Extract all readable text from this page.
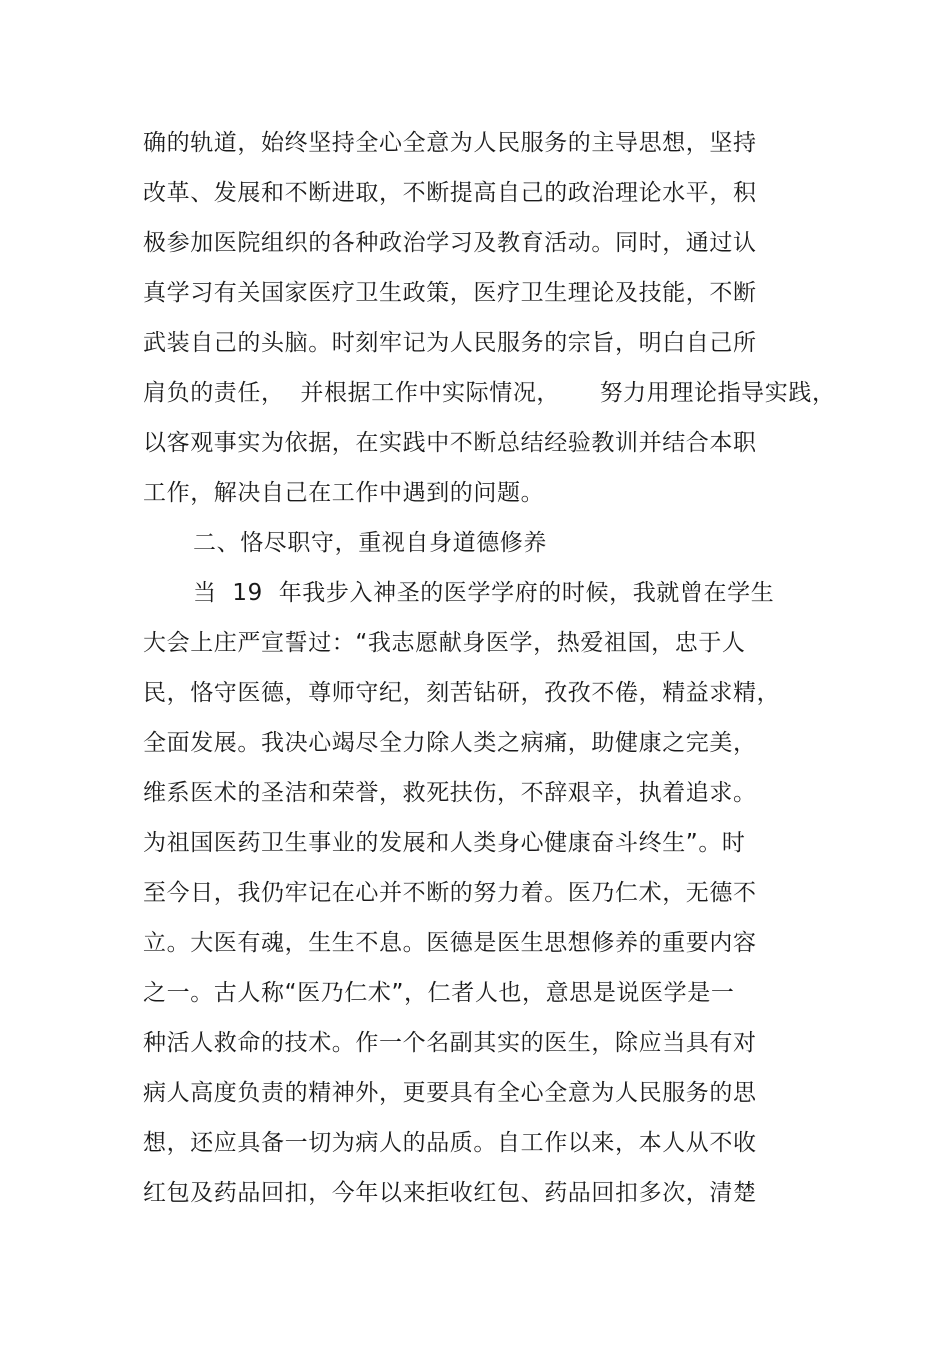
确的轨道，始终坚持全心全意为人民服务的主导思想，坚持
改革、发展和不断进取，不断提高自己的政治理论水平，积
极参加医院组织的各种政治学习及教育活动。同时，通过认
真学习有关国家医疗卫生政策，医疗卫生理论及技能，不断
武装自己的头脑。时刻牢记为人民服务的宗旨，明白自己所
肩负的责任，  并根据工作中实际情况，     努力用理论指导实践，
以客观事实为依据，在实践中不断总结经验教训并结合本职
工作，解决自己在工作中遇到的问题。
二、恪尽职守，重视自身道德修养
当  19  年我步入神圣的医学学府的时候，我就曾在学生
大会上庄严宣誓过：“我志愿献身医学，热爱祖国，忠于人
民，恪守医德，尊师守纪，刻苦钻研，孜孜不倦，精益求精，
全面发展。我决心竭尽全力除人类之病痛，助健康之完美，
维系医术的圣洁和荣誉，救死扶伤，不辞艰辛，执着追求。
为祖国医药卫生事业的发展和人类身心健康奋斗终生”。时
至今日，我仍牢记在心并不断的努力着。医乃仁术，无德不
立。大医有魂，生生不息。医德是医生思想修养的重要内容
之一。古人称“医乃仁术”，仁者人也，意思是说医学是一
种活人救命的技术。作一个名副其实的医生，除应当具有对
病人高度负责的精神外，更要具有全心全意为人民服务的思
想，还应具备一切为病人的品质。自工作以来，本人从不收
红包及药品回扣，今年以来拒收红包、药品回扣多次，清楚
